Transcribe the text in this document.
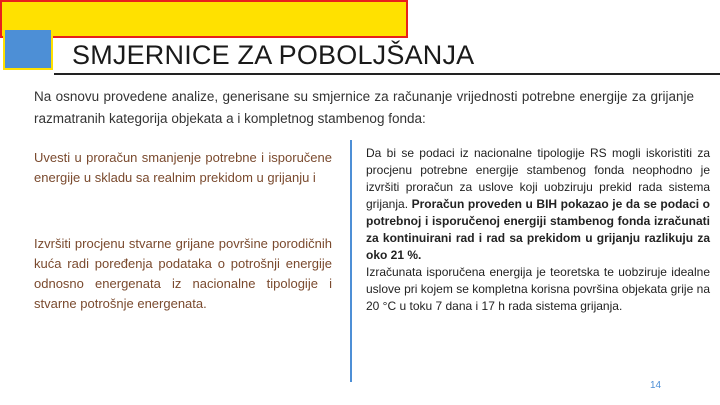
SMJERNICE ZA POBOLJŠANJA

Na osnovu provedene analize, generisane su smjernice za računanje vrijednosti potrebne energije za grijanje razmatranih kategorija objekata a i kompletnog stambenog fonda:

Uvesti u proračun smanjenje potrebne i isporučene energije u skladu sa realnim prekidom u grijanju i

Izvršiti procjenu stvarne grijane površine porodičnih kuća radi poređenja podataka o potrošnji energije odnosno energenata iz nacionalne tipologije i stvarne potrošnje energenata.

Da bi se podaci iz nacionalne tipologije RS mogli iskoristiti za procjenu potrebne energije stambenog fonda neophodno je izvršiti proračun za uslove koji uobziruju prekid rada sistema grijanja. Proračun proveden u BIH pokazao je da se podaci o potrebnoj i isporučenoj energiji stambenog fonda izračunati za kontinuirani rad i rad sa prekidom u grijanju razlikuju za oko 21 %.

Izračunata isporučena energija je teoretska te uobziruje idealne uslove pri kojem se kompletna korisna površina objekata grije na 20 °C u toku 7 dana i 17 h rada sistema grijanja.

14
